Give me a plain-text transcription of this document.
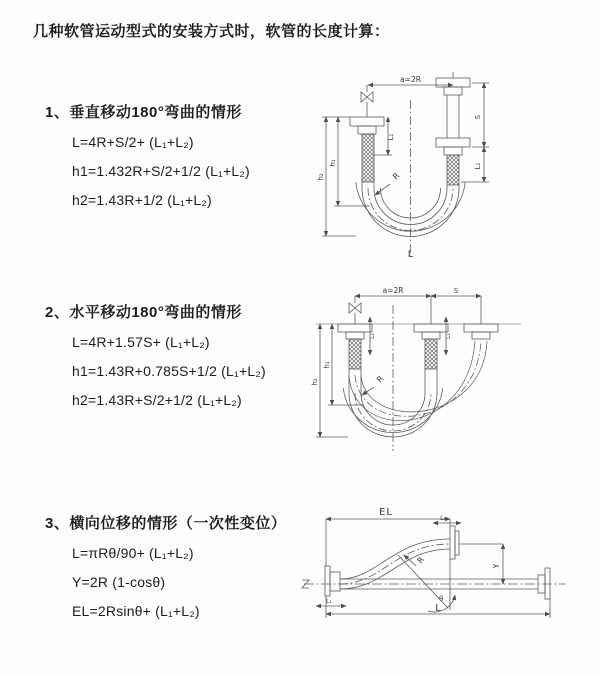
几种软管运动型式的安装方式时，软管的长度计算：
1、垂直移动180°弯曲的情形
L=4R+S/2+ (L₁+L₂)
h1=1.432R+S/2+1/2 (L₁+L₂)
h2=1.43R+1/2 (L₁+L₂)
2、水平移动180°弯曲的情形
L=4R+1.57S+ (L₁+L₂)
h1=1.43R+0.785S+1/2 (L₁+L₂)
h2=1.43R+S/2+1/2 (L₁+L₂)
3、横向位移的情形（一次性变位）
L=πRθ/90+ (L₁+L₂)
Y=2R (1-cosθ)
EL=2Rsinθ+ (L₁+L₂)
a=2R
S
L₁
L₁
h₁
h₂	R
L
a=2R	S
L₁	L₁
h₁
h₂	R
EL
L₁
R
θ
Y
L
L₁
